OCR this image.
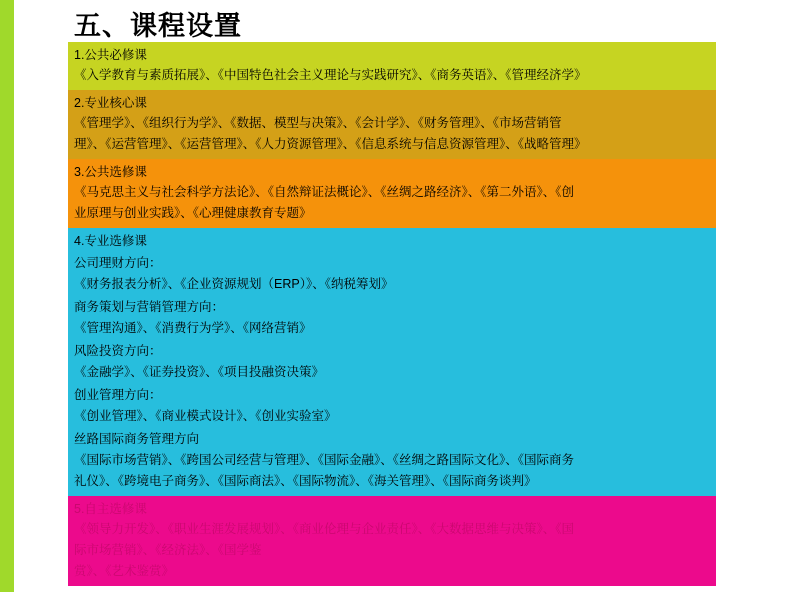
五、课程设置
1.公共必修课
《入学教育与素质拓展》、《中国特色社会主义理论与实践研究》、《商务英语》、《管理经济学》
2.专业核心课
《管理学》、《组织行为学》、《数据、模型与决策》、《会计学》、《财务管理》、《市场营销管
理》、《运营管理》、《运营管理》、《人力资源管理》、《信息系统与信息资源管理》、《战略管理》
3.公共选修课
《马克思主义与社会科学方法论》、《自然辩证法概论》、《丝绸之路经济》、《第二外语》、《创
业原理与创业实践》、《心理健康教育专题》
4.专业选修课
公司理财方向：
《财务报表分析》、《企业资源规划（ERP）》、《纳税筹划》
商务策划与营销管理方向：
《管理沟通》、《消费行为学》、《网络营销》
风险投资方向：
《金融学》、《证券投资》、《项目投融资决策》
创业管理方向：
《创业管理》、《商业模式设计》、《创业实验室》
丝路国际商务管理方向
《国际市场营销》、《跨国公司经营与管理》、《国际金融》、《丝绸之路国际文化》、《国际商务
礼仪》、《跨境电子商务》、《国际商法》、《国际物流》、《海关管理》、《国际商务谈判》
5.自主选修课
《领导力开发》、《职业生涯发展规划》、《商业伦理与企业责任》、《大数据思维与决策》、《国
际市场营销》、《经济法》、《国学鉴
赏》、《艺术鉴赏》
